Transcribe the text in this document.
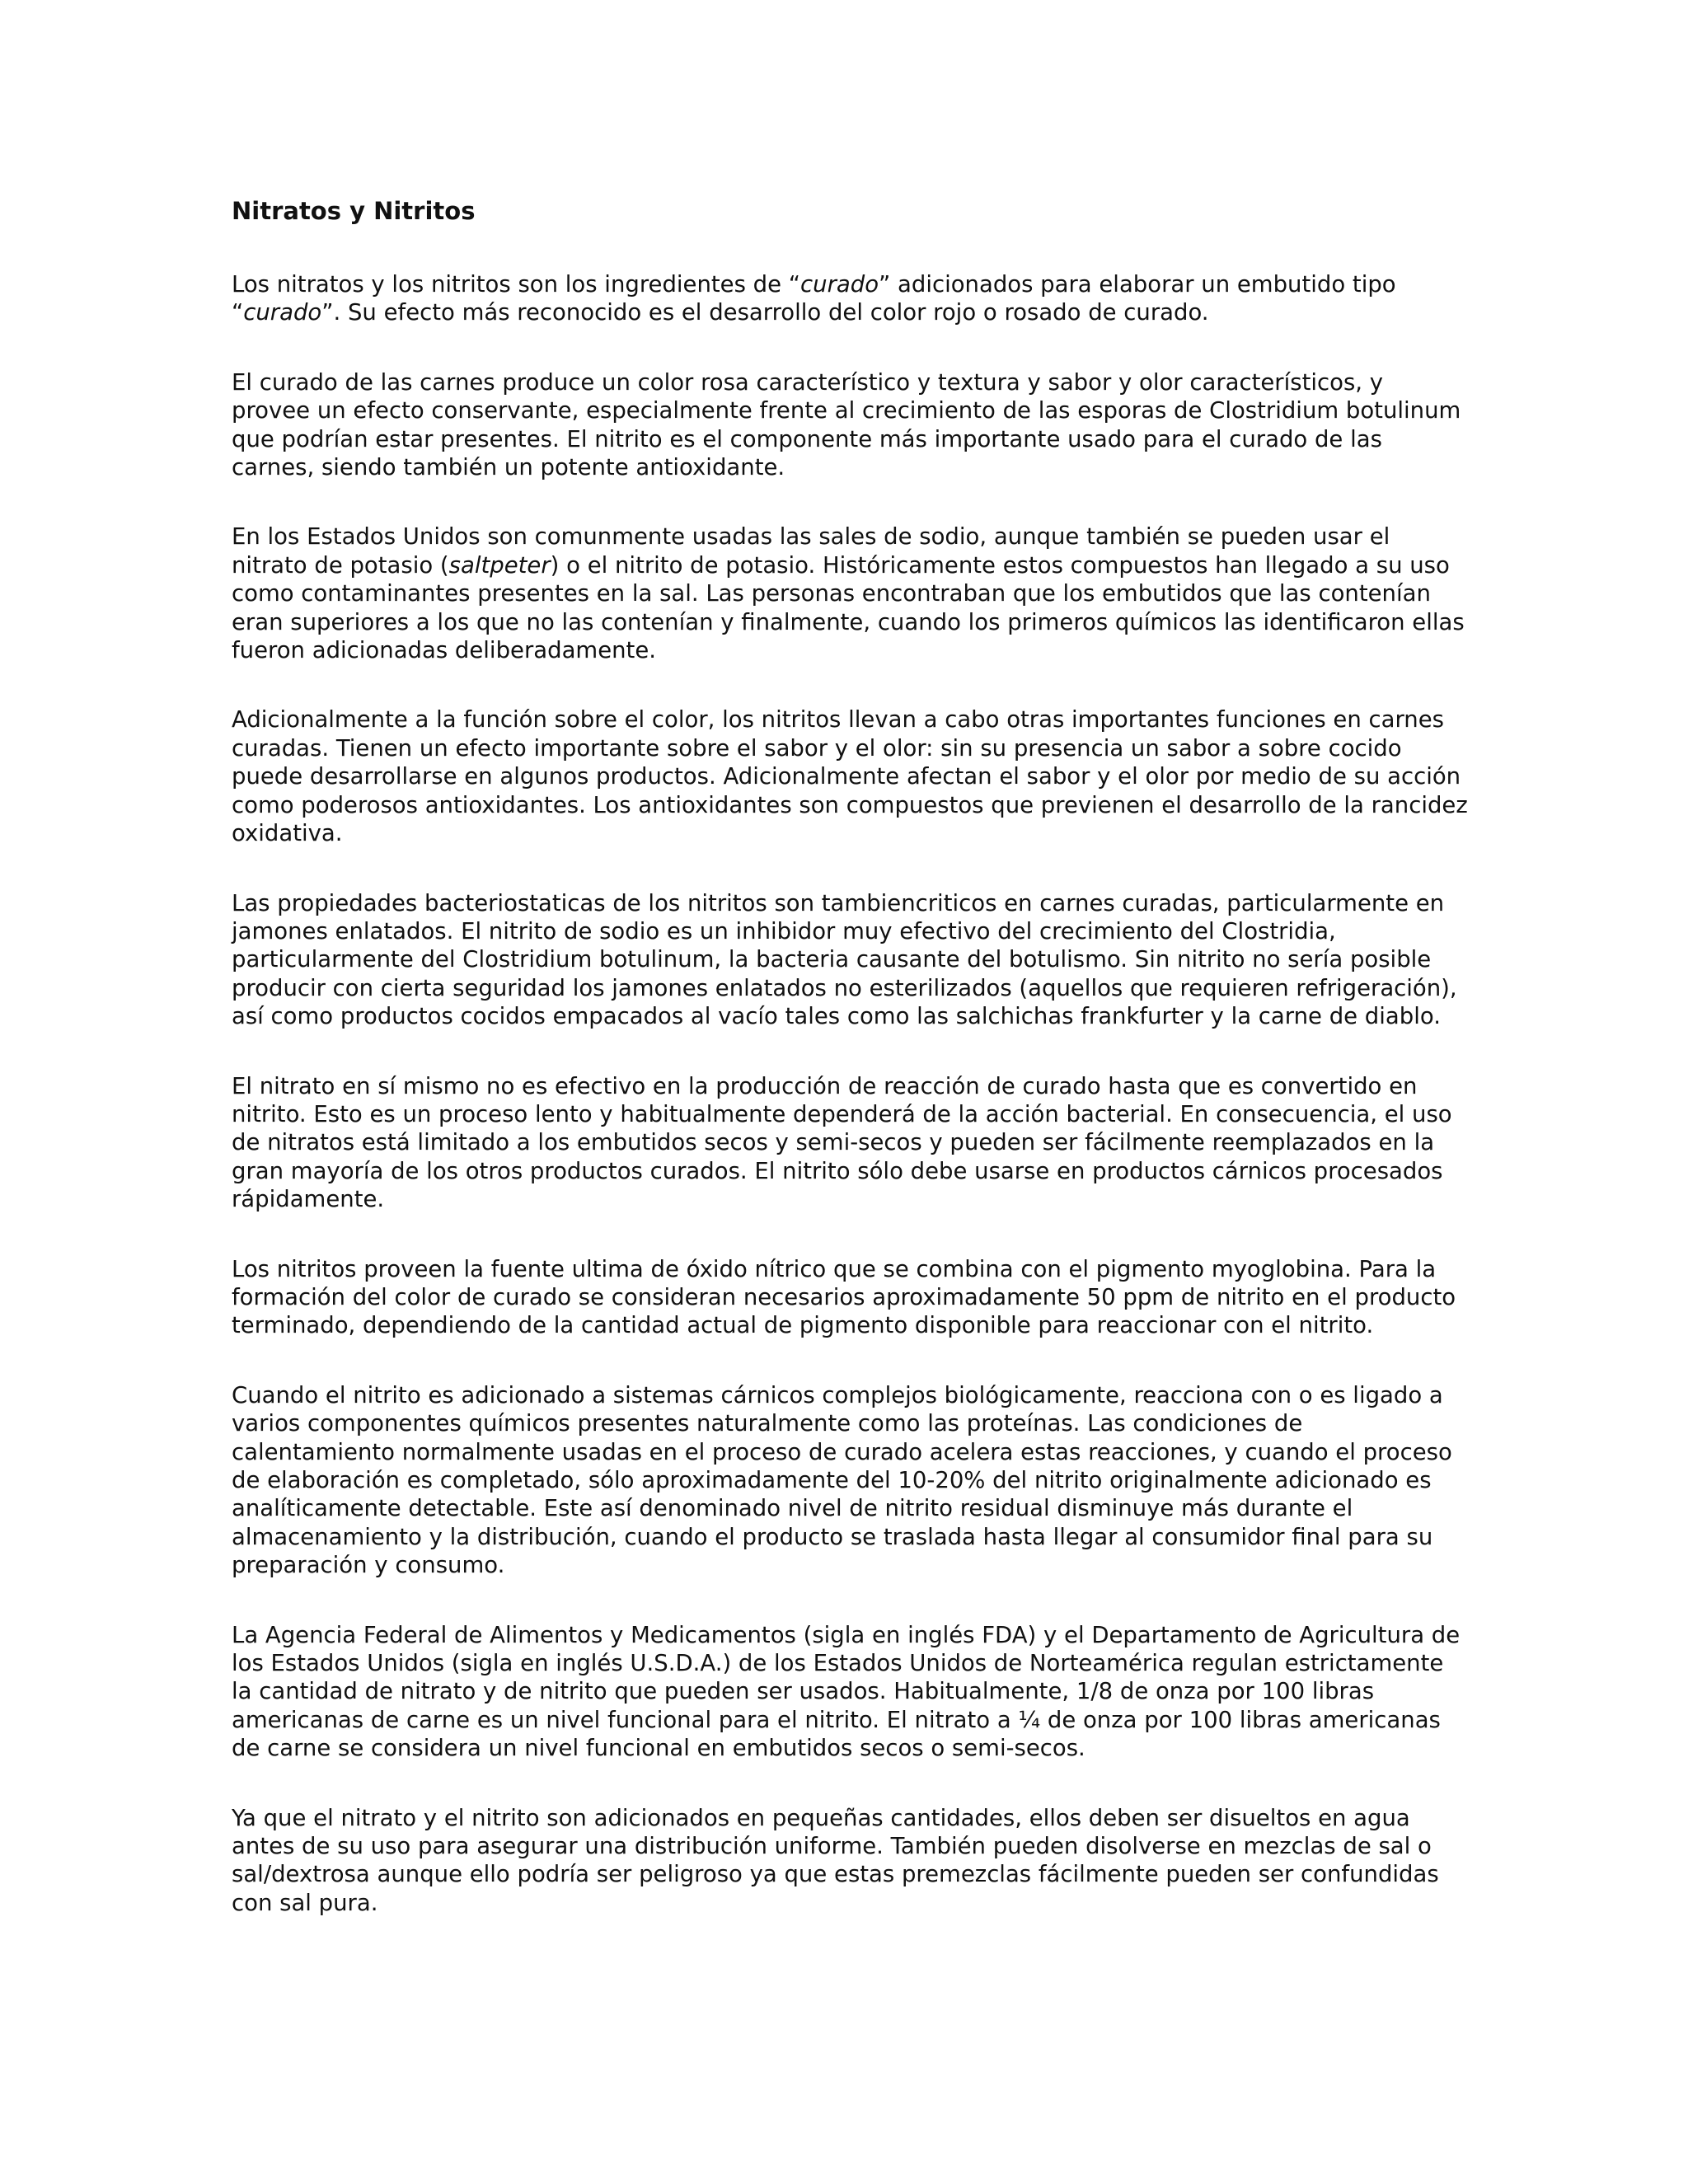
Nitratos y Nitritos

Los nitratos y los nitritos son los ingredientes de “curado” adicionados para elaborar un embutido tipo “curado”. Su efecto más reconocido es el desarrollo del color rojo o rosado de curado.

El curado de las carnes produce un color rosa característico y textura y sabor y olor característicos, y provee un efecto conservante, especialmente frente al crecimiento de las esporas de Clostridium botulinum que podrían estar presentes. El nitrito es el componente más importante usado para el curado de las carnes, siendo también un potente antioxidante.

En los Estados Unidos son comunmente usadas las sales de sodio, aunque también se pueden usar el nitrato de potasio (saltpeter) o el nitrito de potasio. Históricamente estos compuestos han llegado a su uso como contaminantes presentes en la sal. Las personas encontraban que los embutidos que las contenían eran superiores a los que no las contenían y finalmente, cuando los primeros químicos las identificaron ellas fueron adicionadas deliberadamente.

Adicionalmente a la función sobre el color, los nitritos llevan a cabo otras importantes funciones en carnes curadas. Tienen un efecto importante sobre el sabor y el olor: sin su presencia un sabor a sobre cocido puede desarrollarse en algunos productos. Adicionalmente afectan el sabor y el olor por medio de su acción como poderosos antioxidantes. Los antioxidantes son compuestos que previenen el desarrollo de la rancidez oxidativa.

Las propiedades bacteriostaticas de los nitritos son tambiencriticos en carnes curadas, particularmente en jamones enlatados. El nitrito de sodio es un inhibidor muy efectivo del crecimiento del Clostridia, particularmente del Clostridium botulinum, la bacteria causante del botulismo. Sin nitrito no sería posible producir con cierta seguridad los jamones enlatados no esterilizados (aquellos que requieren refrigeración), así como productos cocidos empacados al vacío tales como las salchichas frankfurter y la carne de diablo.

El nitrato en sí mismo no es efectivo en la producción de reacción de curado hasta que es convertido en nitrito. Esto es un proceso lento y habitualmente dependerá de la acción bacterial. En consecuencia, el uso de nitratos está limitado a los embutidos secos y semi-secos y pueden ser fácilmente reemplazados en la gran mayoría de los otros productos curados. El nitrito sólo debe usarse en productos cárnicos procesados rápidamente.

Los nitritos proveen la fuente ultima de óxido nítrico que se combina con el pigmento myoglobina. Para la formación del color de curado se consideran necesarios aproximadamente 50 ppm de nitrito en el producto terminado, dependiendo de la cantidad actual de pigmento disponible para reaccionar con el nitrito.

Cuando el nitrito es adicionado a sistemas cárnicos complejos biológicamente, reacciona con o es ligado a varios componentes químicos presentes naturalmente como las proteínas. Las condiciones de calentamiento normalmente usadas en el proceso de curado acelera estas reacciones, y cuando el proceso de elaboración es completado, sólo aproximadamente del 10-20% del nitrito originalmente adicionado es analíticamente detectable. Este así denominado nivel de nitrito residual disminuye más durante el almacenamiento y la distribución, cuando el producto se traslada hasta llegar al consumidor final para su preparación y consumo.

La Agencia Federal de Alimentos y Medicamentos (sigla en inglés FDA) y el Departamento de Agricultura de los Estados Unidos (sigla en inglés U.S.D.A.) de los Estados Unidos de Norteamérica regulan estrictamente la cantidad de nitrato y de nitrito que pueden ser usados. Habitualmente, 1/8 de onza por 100 libras americanas de carne es un nivel funcional para el nitrito. El nitrato a ¼ de onza por 100 libras americanas de carne se considera un nivel funcional en embutidos secos o semi-secos.

Ya que el nitrato y el nitrito son adicionados en pequeñas cantidades, ellos deben ser disueltos en agua antes de su uso para asegurar una distribución uniforme. También pueden disolverse en mezclas de sal o sal/dextrosa aunque ello podría ser peligroso ya que estas premezclas fácilmente pueden ser confundidas con sal pura.
